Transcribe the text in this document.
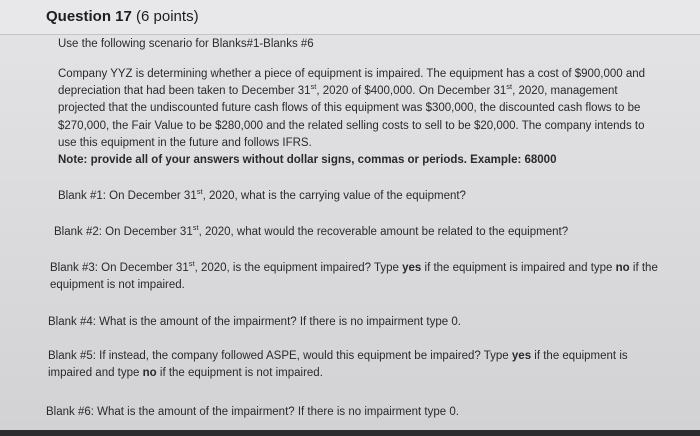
Question 17 (6 points)
Use the following scenario for Blanks#1-Blanks #6

Company YYZ is determining whether a piece of equipment is impaired. The equipment has a cost of $900,000 and depreciation that had been taken to December 31st, 2020 of $400,000. On December 31st, 2020, management projected that the undiscounted future cash flows of this equipment was $300,000, the discounted cash flows to be $270,000, the Fair Value to be $280,000 and the related selling costs to sell to be $20,000. The company intends to use this equipment in the future and follows IFRS.

Note: provide all of your answers without dollar signs, commas or periods. Example: 68000

Blank #1: On December 31st, 2020, what is the carrying value of the equipment?
Blank #2: On December 31st, 2020, what would the recoverable amount be related to the equipment?
Blank #3: On December 31st, 2020, is the equipment impaired? Type yes if the equipment is impaired and type no if the equipment is not impaired.
Blank #4: What is the amount of the impairment? If there is no impairment type 0.
Blank #5: If instead, the company followed ASPE, would this equipment be impaired? Type yes if the equipment is impaired and type no if the equipment is not impaired.
Blank #6: What is the amount of the impairment? If there is no impairment type 0.
